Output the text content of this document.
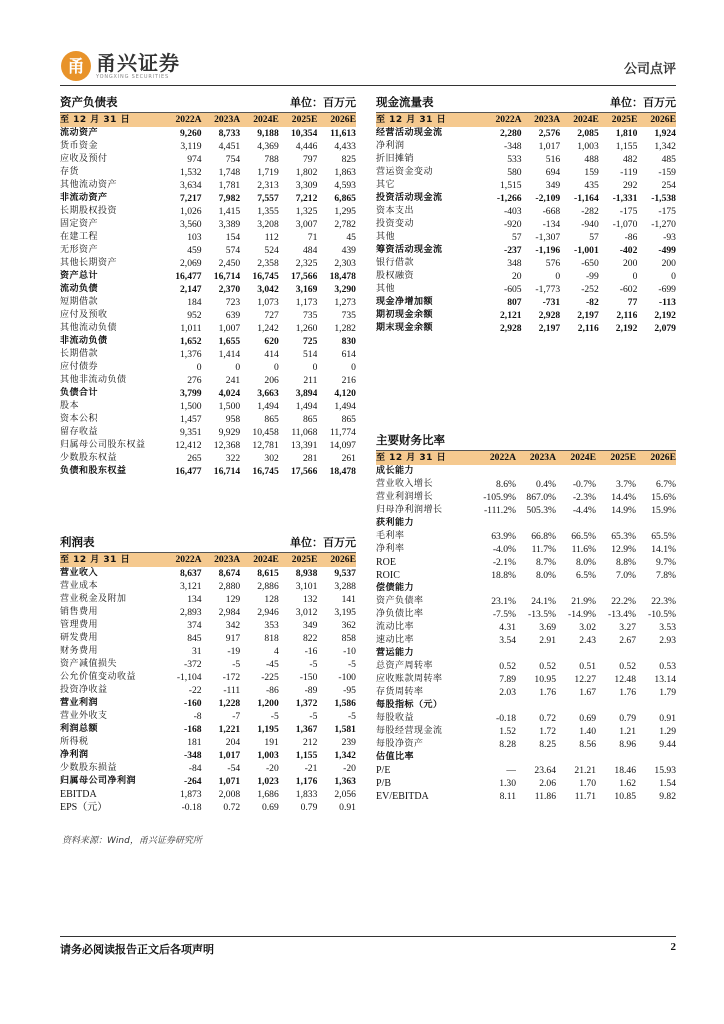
甬 甬兴证券
YONGXING SECURITIES	公司点评
资产负债表	单位：百万元
至 12 月 31 日	2022A	2023A	2024E	2025E	2026E
流动资产	9,260	8,733	9,188	10,354	11,613
货币资金	3,119	4,451	4,369	4,446	4,433
应收及预付	974	754	788	797	825
存货	1,532	1,748	1,719	1,802	1,863
其他流动资产	3,634	1,781	2,313	3,309	4,593
非流动资产	7,217	7,982	7,557	7,212	6,865
长期股权投资	1,026	1,415	1,355	1,325	1,295
固定资产	3,560	3,389	3,208	3,007	2,782
在建工程	103	154	112	71	45
无形资产	459	574	524	484	439
其他长期资产	2,069	2,450	2,358	2,325	2,303
资产总计	16,477	16,714	16,745	17,566	18,478
流动负债	2,147	2,370	3,042	3,169	3,290
短期借款	184	723	1,073	1,173	1,273
应付及预收	952	639	727	735	735
其他流动负债	1,011	1,007	1,242	1,260	1,282
非流动负债	1,652	1,655	620	725	830
长期借款	1,376	1,414	414	514	614
应付债券	0	0	0	0	0
其他非流动负债	276	241	206	211	216
负债合计	3,799	4,024	3,663	3,894	4,120
股本	1,500	1,500	1,494	1,494	1,494
资本公积	1,457	958	865	865	865
留存收益	9,351	9,929	10,458	11,068	11,774
归属母公司股东权益	12,412	12,368	12,781	13,391	14,097
少数股东权益	265	322	302	281	261
负债和股东权益	16,477	16,714	16,745	17,566	18,478
现金流量表	单位：百万元
至 12 月 31 日	2022A	2023A	2024E	2025E	2026E
经营活动现金流	2,280	2,576	2,085	1,810	1,924
净利润	-348	1,017	1,003	1,155	1,342
折旧摊销	533	516	488	482	485
营运资金变动	580	694	159	-119	-159
其它	1,515	349	435	292	254
投资活动现金流	-1,266	-2,109	-1,164	-1,331	-1,538
资本支出	-403	-668	-282	-175	-175
投资变动	-920	-134	-940	-1,070	-1,270
其他	57	-1,307	57	-86	-93
筹资活动现金流	-237	-1,196	-1,001	-402	-499
银行借款	348	576	-650	200	200
股权融资	20	0	-99	0	0
其他	-605	-1,773	-252	-602	-699
现金净增加额	807	-731	-82	77	-113
期初现金余额	2,121	2,928	2,197	2,116	2,192
期末现金余额	2,928	2,197	2,116	2,192	2,079
主要财务比率
至 12 月 31 日	2022A	2023A	2024E	2025E	2026E
成长能力
营业收入增长	8.6%	0.4%	-0.7%	3.7%	6.7%
营业利润增长	-105.9%	867.0%	-2.3%	14.4%	15.6%
归母净利润增长	-111.2%	505.3%	-4.4%	14.9%	15.9%
获利能力
毛利率	63.9%	66.8%	66.5%	65.3%	65.5%
净利率	-4.0%	11.7%	11.6%	12.9%	14.1%
ROE	-2.1%	8.7%	8.0%	8.8%	9.7%
ROIC	18.8%	8.0%	6.5%	7.0%	7.8%
偿债能力
资产负债率	23.1%	24.1%	21.9%	22.2%	22.3%
净负债比率	-7.5%	-13.5%	-14.9%	-13.4%	-10.5%
流动比率	4.31	3.69	3.02	3.27	3.53
速动比率	3.54	2.91	2.43	2.67	2.93
营运能力
总资产周转率	0.52	0.52	0.51	0.52	0.53
应收账款周转率	7.89	10.95	12.27	12.48	13.14
存货周转率	2.03	1.76	1.67	1.76	1.79
每股指标（元）
每股收益	-0.18	0.72	0.69	0.79	0.91
每股经营现金流	1.52	1.72	1.40	1.21	1.29
每股净资产	8.28	8.25	8.56	8.96	9.44
估值比率
P/E	—	23.64	21.21	18.46	15.93
P/B	1.30	2.06	1.70	1.62	1.54
EV/EBITDA	8.11	11.86	11.71	10.85	9.82
利润表	单位：百万元
至 12 月 31 日	2022A	2023A	2024E	2025E	2026E
营业收入	8,637	8,674	8,615	8,938	9,537
营业成本	3,121	2,880	2,886	3,101	3,288
营业税金及附加	134	129	128	132	141
销售费用	2,893	2,984	2,946	3,012	3,195
管理费用	374	342	353	349	362
研发费用	845	917	818	822	858
财务费用	31	-19	4	-16	-10
资产减值损失	-372	-5	-45	-5	-5
公允价值变动收益	-1,104	-172	-225	-150	-100
投资净收益	-22	-111	-86	-89	-95
营业利润	-160	1,228	1,200	1,372	1,586
营业外收支	-8	-7	-5	-5	-5
利润总额	-168	1,221	1,195	1,367	1,581
所得税	181	204	191	212	239
净利润	-348	1,017	1,003	1,155	1,342
少数股东损益	-84	-54	-20	-21	-20
归属母公司净利润	-264	1,071	1,023	1,176	1,363
EBITDA	1,873	2,008	1,686	1,833	2,056
EPS（元）	-0.18	0.72	0.69	0.79	0.91
资料来源：Wind，甬兴证券研究所
请务必阅读报告正文后各项声明	2
